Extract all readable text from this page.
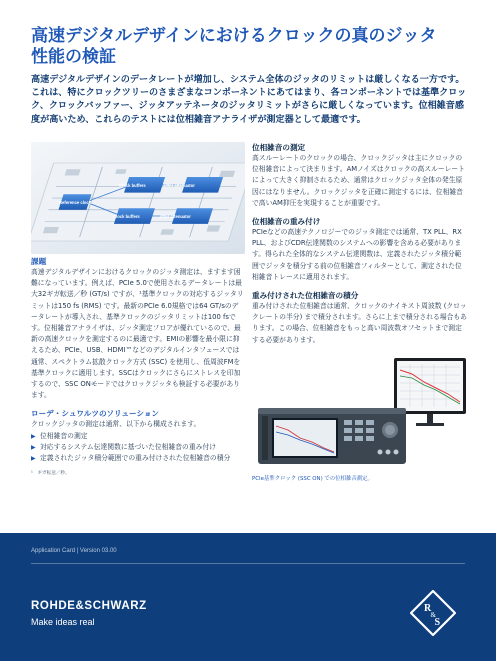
高速デジタルデザインにおけるクロックの真のジッタ性能の検証

高速デジタルデザインのデータレートが増加し、システム全体のジッタのリミットは厳しくなる一方です。これは、特にクロックツリーのさまざまなコンポーネントにあてはまり、各コンポーネントでは基準クロック、クロックバッファー、ジッタアッテネータのジッタリミットがさらに厳しくなっています。位相雑音感度が高いため、これらのテストには位相雑音アナライザが測定器として最適です。

Clock buffers	Jitter attenuator
Reference clock
Clock buffers	Jitter attenuator
課題

高速デジタルデザインにおけるクロックのジッタ測定は、ますます困難になっています。例えば、PCIe 5.0で使用されるデータレートは最大32ギガ転送／秒 (GT/s) ですが、¹基準クロックの対応するジッタリミットは150 fs (RMS) です。最新のPCIe 6.0規格では64 GT/sのデータレートが導入され、基準クロックのジッタリミットは100 fsです。位相雑音アナライザは、ジッタ測定フロアが優れているので、最新の高速クロックを測定するのに最適です。EMIの影響を最小限に抑えるため、PCIe、USB、HDMI™などのデジタルインタフェースでは通常、スペクトラム拡散クロック方式 (SSC) を使用し、低周波FMを基準クロックに適用します。SSCはクロックにさらにストレスを印加するので、SSC ONモードではクロックジッタも検証する必要があります。

ローデ・シュワルツのソリューション

クロックジッタの測定は通常、以下から構成されます。

▶ 位相雑音の測定
▶ 対応するシステム伝達関数に基づいた位相雑音の重み付け
▶ 定義されたジッタ積分範囲での重み付けされた位相雑音の積分

¹　ギガ転送／秒。

位相雑音の測定

高スルーレートのクロックの場合、クロックジッタは主にクロックの位相雑音によって決まります。AMノイズはクロックの高スルーレートによって大きく抑制されるため、通常はクロックジッタ全体の発生原因にはなりません。クロックジッタを正確に測定するには、位相雑音で高いAM抑圧を実現することが重要です。

位相雑音の重み付け

PCIeなどの高速テクノロジーでのジッタ測定では通常、TX PLL、RX PLL、およびCDR伝達関数のシステムへの影響を含める必要があります。得られた全体的なシステム伝達関数は、定義されたジッタ積分範囲でジッタを積分する前の位相雑音フィルターとして、測定された位相雑音トレースに適用されます。

重み付けされた位相雑音の積分

重み付けされた位相雑音は通常、クロックのナイキスト周波数 (クロックレートの半分) まで積分されます。さらに上まで積分される場合もあります。この場合、位相雑音をもっと高い周波数オフセットまで測定する必要があります。

PCIe基準クロック (SSC ON) での位相雑音測定。

Application Card | Version 03.00
ROHDE&SCHWARZ
Make ideas real
R
&
S
